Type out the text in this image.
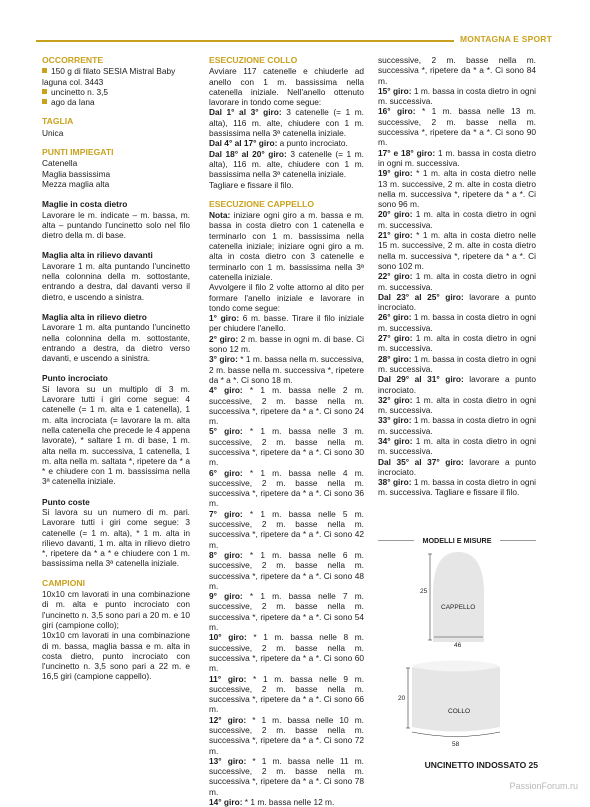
MONTAGNA E SPORT
OCCORRENTE
150 g di filato SESIA Mistral Baby laguna col. 3443
uncinetto n. 3,5
ago da lana
TAGLIA
Unica
PUNTI IMPIEGATI
Catenella
Maglia bassissima
Mezza maglia alta
Maglie in costa dietro

Lavorare le m. indicate – m. bassa, m. alta – puntando l'uncinetto solo nel filo dietro della m. di base.

Maglia alta in rilievo davanti

Lavorare 1 m. alta puntando l'uncinetto nella colonnina della m. sottostante, entrando a destra, dal davanti verso il dietro, e uscendo a sinistra.

Maglia alta in rilievo dietro

Lavorare 1 m. alta puntando l'uncinetto nella colonnina della m. sottostante, entrando a destra, da dietro verso davanti, e uscendo a sinistra.

Punto incrociato

Si lavora su un multiplo di 3 m. Lavorare tutti i giri come segue: 4 catenelle (= 1 m. alta e 1 catenella), 1 m. alta incrociata (= lavorare la m. alta nella catenella che precede le 4 appena lavorate), * saltare 1 m. di base, 1 m. alta nella m. successiva, 1 catenella, 1 m. alta nella m. saltata *, ripetere da * a * e chiudere con 1 m. bassissima nella 3ª catenella iniziale.

Punto coste

Si lavora su un numero di m. pari. Lavorare tutti i giri come segue: 3 catenelle (= 1 m. alta), * 1 m. alta in rilievo davanti, 1 m. alta in rilievo dietro *, ripetere da * a * e chiudere con 1 m. bassissima nella 3ª catenella iniziale.

CAMPIONI

10x10 cm lavorati in una combinazione di m. alta e punto incrociato con l'uncinetto n. 3,5 sono pari a 20 m. e 10 giri (campione collo);

10x10 cm lavorati in una combinazione di m. bassa, maglia bassa e m. alta in costa dietro, punto incrociato con l'uncinetto n. 3,5 sono pari a 22 m. e 16,5 giri (campione cappello).

ESECUZIONE COLLO

Avviare 117 catenelle e chiuderle ad anello con 1 m. bassissima nella catenella iniziale. Nell'anello ottenuto lavorare in tondo come segue:

Dal 1° al 3° giro: 3 catenelle (= 1 m. alta), 116 m. alte, chiudere con 1 m. bassissima nella 3ª catenella iniziale.

Dal 4° al 17° giro: a punto incrociato.

Dal 18° al 20° giro: 3 catenelle (= 1 m. alta), 116 m. alte, chiudere con 1 m. bassissima nella 3ª catenella iniziale.

Tagliare e fissare il filo.

ESECUZIONE CAPPELLO

Nota: iniziare ogni giro a m. bassa e m. bassa in costa dietro con 1 catenella e terminarlo con 1 m. bassissima nella catenella iniziale; iniziare ogni giro a m. alta in costa dietro con 3 catenelle e terminarlo con 1 m. bassissima nella 3ª catenella iniziale.

Avvolgere il filo 2 volte attorno al dito per formare l'anello iniziale e lavorare in tondo come segue:

1° giro: 6 m. basse. Tirare il filo iniziale per chiudere l'anello.

2° giro: 2 m. basse in ogni m. di base. Ci sono 12 m.

3° giro: * 1 m. bassa nella m. successiva, 2 m. basse nella m. successiva *, ripetere da * a *. Ci sono 18 m.

4° giro: * 1 m. bassa nelle 2 m. successive, 2 m. basse nella m. successiva *, ripetere da * a *. Ci sono 24 m.

5° giro: * 1 m. bassa nelle 3 m. successive, 2 m. basse nella m. successiva *, ripetere da * a *. Ci sono 30 m.

6° giro: * 1 m. bassa nelle 4 m. successive, 2 m. basse nella m. successiva *, ripetere da * a *. Ci sono 36 m.

7° giro: * 1 m. bassa nelle 5 m. successive, 2 m. basse nella m. successiva *, ripetere da * a *. Ci sono 42 m.

8° giro: * 1 m. bassa nelle 6 m. successive, 2 m. basse nella m. successiva *, ripetere da * a *. Ci sono 48 m.

9° giro: * 1 m. bassa nelle 7 m. successive, 2 m. basse nella m. successiva *, ripetere da * a *. Ci sono 54 m.

10° giro: * 1 m. bassa nelle 8 m. successive, 2 m. basse nella m. successiva *, ripetere da * a *. Ci sono 60 m.

11° giro: * 1 m. bassa nelle 9 m. successive, 2 m. basse nella m. successiva *, ripetere da * a *. Ci sono 66 m.

12° giro: * 1 m. bassa nelle 10 m. successive, 2 m. basse nella m. successiva *, ripetere da * a *. Ci sono 72 m.

13° giro: * 1 m. bassa nelle 11 m. successive, 2 m. basse nella m. successiva *, ripetere da * a *. Ci sono 78 m.

14° giro: * 1 m. bassa nelle 12 m.

successive, 2 m. basse nella m. successiva *, ripetere da * a *. Ci sono 84 m.

15° giro: 1 m. bassa in costa dietro in ogni m. successiva.

16° giro: * 1 m. bassa nelle 13 m. successive, 2 m. basse nella m. successiva *, ripetere da * a *. Ci sono 90 m.

17° e 18° giro: 1 m. bassa in costa dietro in ogni m. successiva.

19° giro: * 1 m. alta in costa dietro nelle 13 m. successive, 2 m. alte in costa dietro nella m. successiva *, ripetere da * a *. Ci sono 96 m.

20° giro: 1 m. alta in costa dietro in ogni m. successiva.

21° giro: * 1 m. alta in costa dietro nelle 15 m. successive, 2 m. alte in costa dietro nella m. successiva *, ripetere da * a *. Ci sono 102 m.

22° giro: 1 m. alta in costa dietro in ogni m. successiva.

Dal 23° al 25° giro: lavorare a punto incrociato.

26° giro: 1 m. bassa in costa dietro in ogni m. successiva.

27° giro: 1 m. alta in costa dietro in ogni m. successiva.

28° giro: 1 m. bassa in costa dietro in ogni m. successiva.

Dal 29° al 31° giro: lavorare a punto incrociato.

32° giro: 1 m. alta in costa dietro in ogni m. successiva.

33° giro: 1 m. bassa in costa dietro in ogni m. successiva.

34° giro: 1 m. alta in costa dietro in ogni m. successiva.

Dal 35° al 37° giro: lavorare a punto incrociato.

38° giro: 1 m. bassa in costa dietro in ogni m. successiva. Tagliare e fissare il filo.

MODELLI E MISURE
25
CAPPELLO
46
20
COLLO
58
UNCINETTO INDOSSATO 25
PassionForum.ru
